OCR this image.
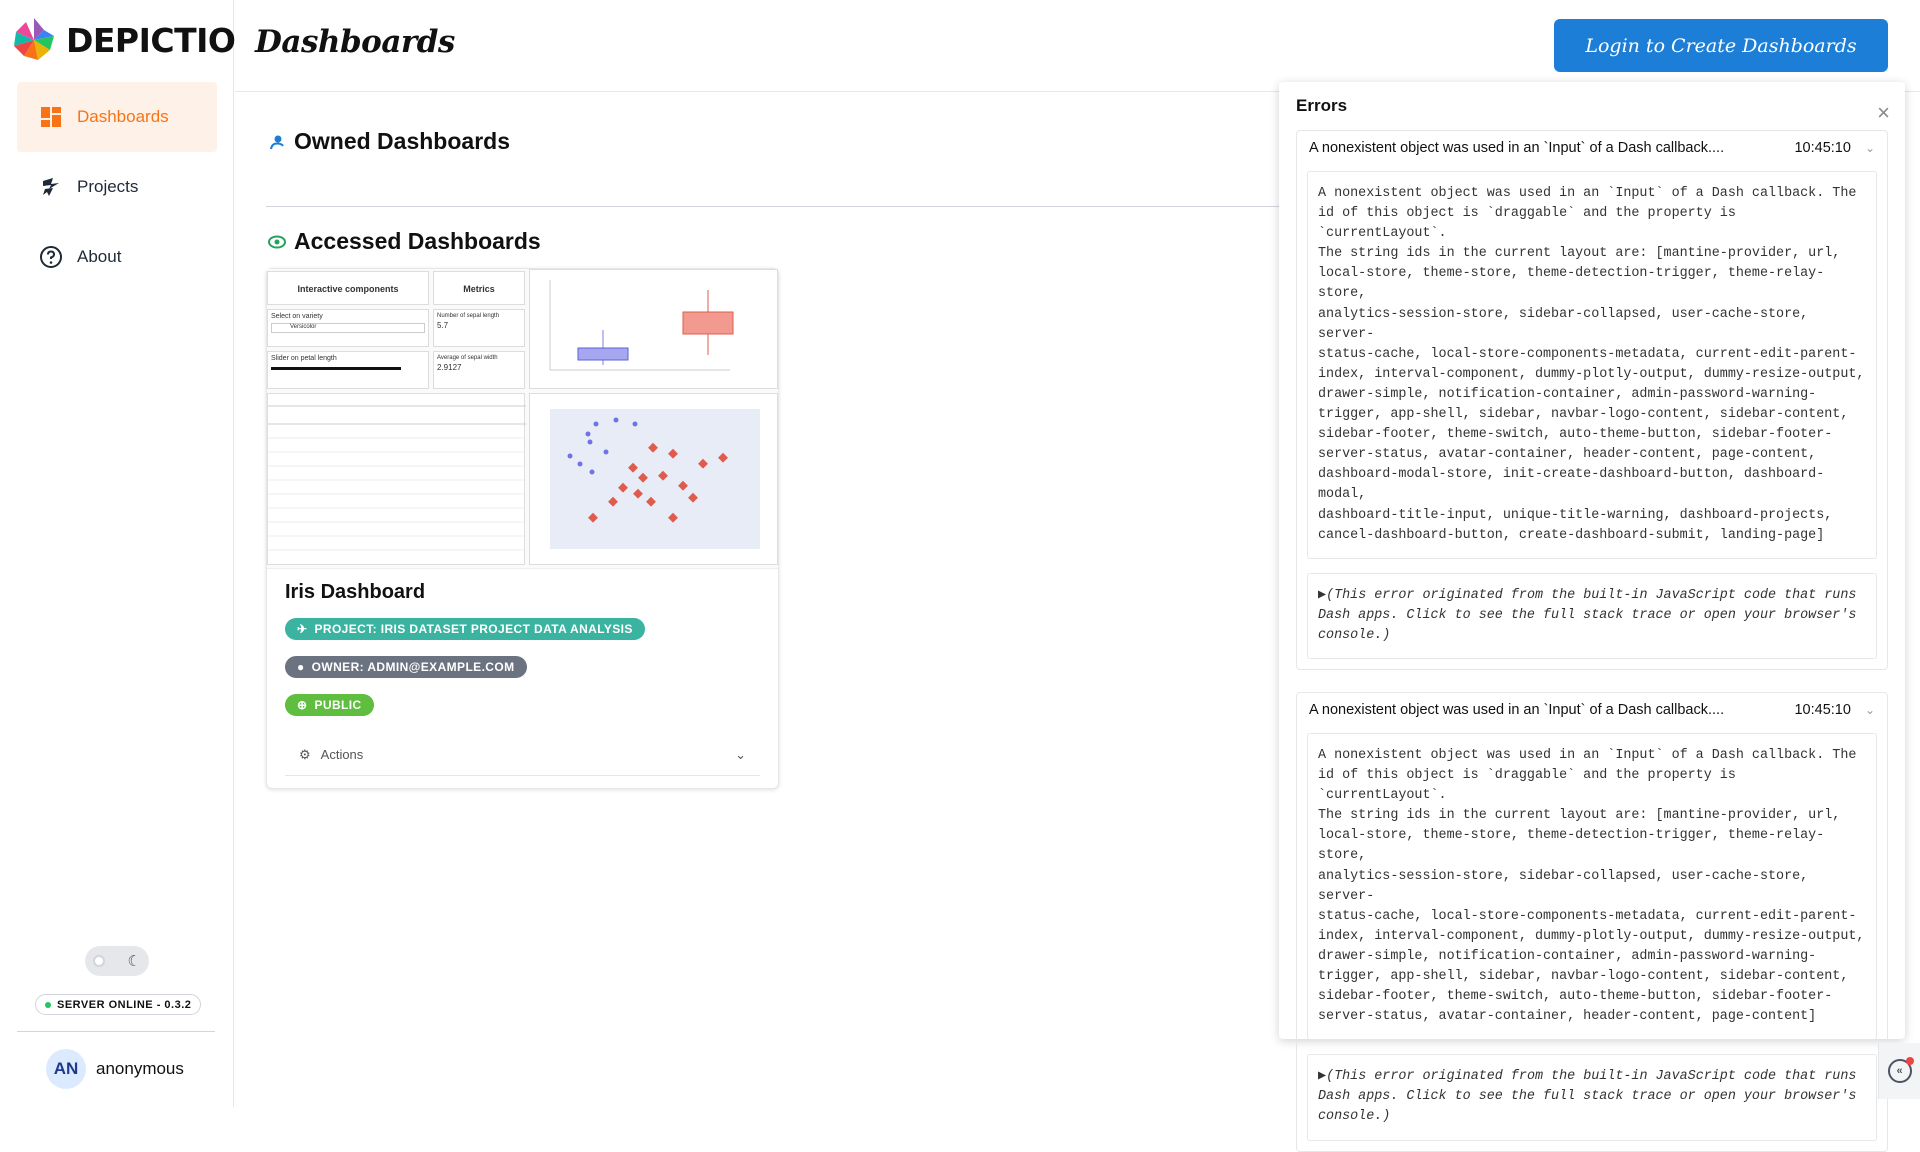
DEPICTIO
Dashboards
Projects
About
☾
SERVER ONLINE - 0.3.2
AN	anonymous
Dashboards	Login to Create Dashboards
Owned Dashboards
Accessed Dashboards
Interactive components	Metrics
Select on variety
Versicolor
Slider on petal length
Number of sepal length
5.7
Average of sepal width
2.9127
Iris Dashboard
✈ PROJECT: IRIS DATASET PROJECT DATA ANALYSIS

● OWNER: ADMIN@EXAMPLE.COM

⊕ PUBLIC
⚙ Actions	⌄
Errors	×
A nonexistent object was used in an `Input` of a Dash callback....	10:45:10 ⌄
A nonexistent object was used in an `Input` of a Dash callback. The
id of this object is `draggable` and the property is `currentLayout`.
The string ids in the current layout are: [mantine-provider, url,
local-store, theme-store, theme-detection-trigger, theme-relay-store,
analytics-session-store, sidebar-collapsed, user-cache-store, server-
status-cache, local-store-components-metadata, current-edit-parent-
index, interval-component, dummy-plotly-output, dummy-resize-output,
drawer-simple, notification-container, admin-password-warning-
trigger, app-shell, sidebar, navbar-logo-content, sidebar-content,
sidebar-footer, theme-switch, auto-theme-button, sidebar-footer-
server-status, avatar-container, header-content, page-content,
dashboard-modal-store, init-create-dashboard-button, dashboard-modal,
dashboard-title-input, unique-title-warning, dashboard-projects,
cancel-dashboard-button, create-dashboard-submit, landing-page]
▶(This error originated from the built-in JavaScript code that runs
Dash apps. Click to see the full stack trace or open your browser's
console.)
A nonexistent object was used in an `Input` of a Dash callback....	10:45:10 ⌄
A nonexistent object was used in an `Input` of a Dash callback. The
id of this object is `draggable` and the property is `currentLayout`.
The string ids in the current layout are: [mantine-provider, url,
local-store, theme-store, theme-detection-trigger, theme-relay-store,
analytics-session-store, sidebar-collapsed, user-cache-store, server-
status-cache, local-store-components-metadata, current-edit-parent-
index, interval-component, dummy-plotly-output, dummy-resize-output,
drawer-simple, notification-container, admin-password-warning-
trigger, app-shell, sidebar, navbar-logo-content, sidebar-content,
sidebar-footer, theme-switch, auto-theme-button, sidebar-footer-
server-status, avatar-container, header-content, page-content]
▶(This error originated from the built-in JavaScript code that runs
Dash apps. Click to see the full stack trace or open your browser's
console.)
«
